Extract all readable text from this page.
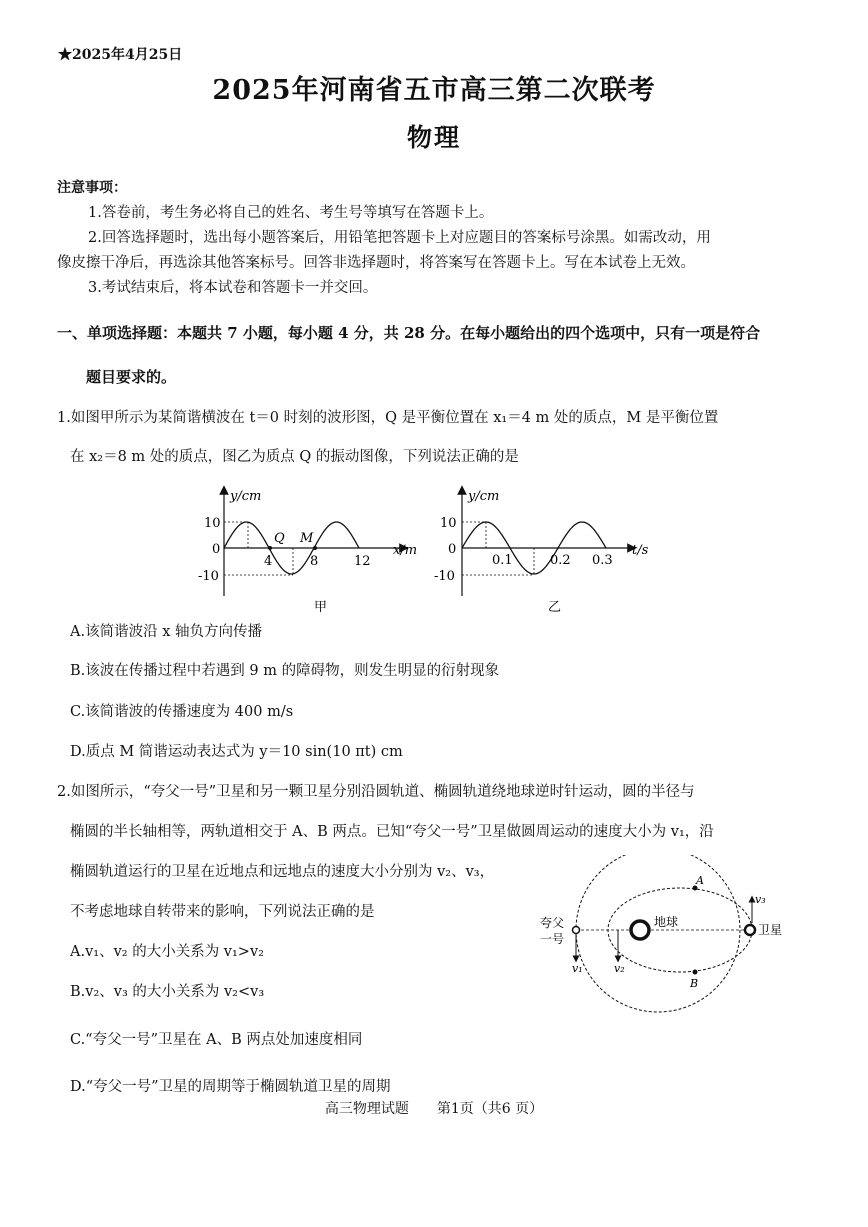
★2025年4月25日
2025年河南省五市高三第二次联考
物理
注意事项：
1.答卷前，考生务必将自己的姓名、考生号等填写在答题卡上。
2.回答选择题时，选出每小题答案后，用铅笔把答题卡上对应题目的答案标号涂黑。如需改动，用
像皮擦干净后，再选涂其他答案标号。回答非选择题时，将答案写在答题卡上。写在本试卷上无效。
3.考试结束后，将本试卷和答题卡一并交回。
一、单项选择题：本题共 7 小题，每小题 4 分，共 28 分。在每小题给出的四个选项中，只有一项是符合
题目要求的。
1.如图甲所示为某简谐横波在 t＝0 时刻的波形图，Q 是平衡位置在 x₁＝4 m 处的质点，M 是平衡位置
在 x₂＝8 m 处的质点，图乙为质点 Q 的振动图像，下列说法正确的是
y/cm
x/m
10
0
-10
4	8	12
Q M
甲
y/cm
t/s
10
0
-10
0.1	0.2 0.3
乙
A.该简谐波沿 x 轴负方向传播
B.该波在传播过程中若遇到 9 m 的障碍物，则发生明显的衍射现象
C.该简谐波的传播速度为 400 m/s
D.质点 M 简谐运动表达式为 y＝10 sin(10 πt) cm
2.如图所示，“夸父一号”卫星和另一颗卫星分别沿圆轨道、椭圆轨道绕地球逆时针运动，圆的半径与
椭圆的半长轴相等，两轨道相交于 A、B 两点。已知“夸父一号”卫星做圆周运动的速度大小为 v₁，沿
椭圆轨道运行的卫星在近地点和远地点的速度大小分别为 v₂、v₃，
不考虑地球自转带来的影响，下列说法正确的是
地球
卫星
夸父
一号
A
B
v₁	v₂
v₃
A.v₁、v₂ 的大小关系为 v₁>v₂
B.v₂、v₃ 的大小关系为 v₂<v₃
C.“夸父一号”卫星在 A、B 两点处加速度相同
D.“夸父一号”卫星的周期等于椭圆轨道卫星的周期
高三物理试题　　第1页（共6 页）
